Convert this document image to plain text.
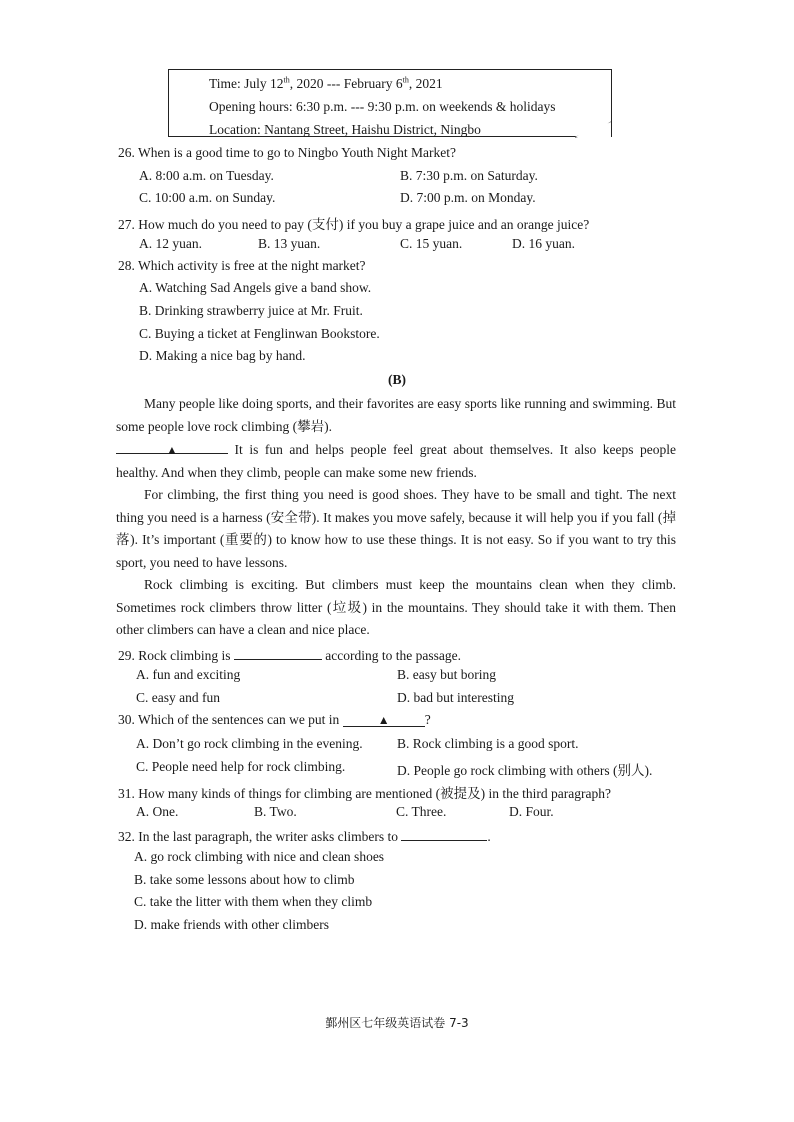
Time: July 12th, 2020 --- February 6th, 2021
Opening hours: 6:30 p.m. --- 9:30 p.m. on weekends & holidays
Location: Nantang Street, Haishu District, Ningbo
26. When is a good time to go to Ningbo Youth Night Market?
A. 8:00 a.m. on Tuesday.	B. 7:30 p.m. on Saturday.
C. 10:00 a.m. on Sunday.	D. 7:00 p.m. on Monday.
27. How much do you need to pay (支付) if you buy a grape juice and an orange juice?
A. 12 yuan.	B. 13 yuan.	C. 15 yuan.	D. 16 yuan.
28. Which activity is free at the night market?
A. Watching Sad Angels give a band show.
B. Drinking strawberry juice at Mr. Fruit.
C. Buying a ticket at Fenglinwan Bookstore.
D. Making a nice bag by hand.
(B)
Many people like doing sports, and their favorites are easy sports like running and swimming. But some people love rock climbing (攀岩).
▲	It is fun and helps people feel great about themselves. It also keeps people healthy. And when they climb, people can make some new friends.
For climbing, the first thing you need is good shoes. They have to be small and tight. The next thing you need is a harness (安全带). It makes you move safely, because it will help you if you fall (掉落). It’s important (重要的) to know how to use these things. It is not easy. So if you want to try this sport, you need to have lessons.
Rock climbing is exciting. But climbers must keep the mountains clean when they climb. Sometimes rock climbers throw litter (垃圾) in the mountains. They should take it with them. Then other climbers can have a clean and nice place.
29. Rock climbing is	according to the passage.
A. fun and exciting	B. easy but boring
C. easy and fun	D. bad but interesting
30. Which of the sentences can we put in	▲	?
A. Don’t go rock climbing in the evening.	B. Rock climbing is a good sport.
C. People need help for rock climbing.	D. People go rock climbing with others (别人).
31. How many kinds of things for climbing are mentioned (被提及) in the third paragraph?
A. One.	B. Two.	C. Three.	D. Four.
32. In the last paragraph, the writer asks climbers to	.
A. go rock climbing with nice and clean shoes
B. take some lessons about how to climb
C. take the litter with them when they climb
D. make friends with other climbers
鄞州区七年级英语试卷 7-3
